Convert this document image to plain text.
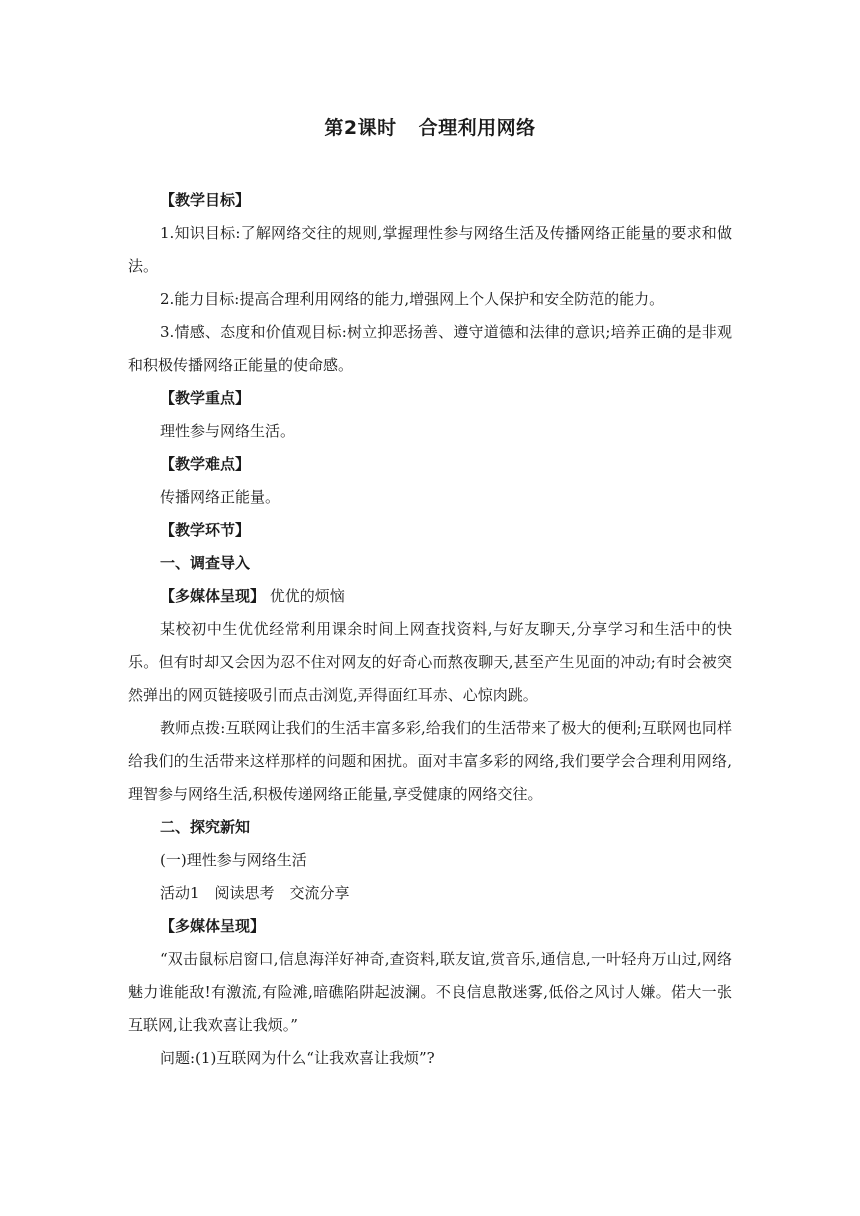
第2课时 合理利用网络

【教学目标】

1.知识目标:了解网络交往的规则,掌握理性参与网络生活及传播网络正能量的要求和做法。

2.能力目标:提高合理利用网络的能力,增强网上个人保护和安全防范的能力。

3.情感、态度和价值观目标:树立抑恶扬善、遵守道德和法律的意识;培养正确的是非观和积极传播网络正能量的使命感。

【教学重点】

理性参与网络生活。

【教学难点】

传播网络正能量。

【教学环节】

一、调查导入

【多媒体呈现】 优优的烦恼

某校初中生优优经常利用课余时间上网查找资料,与好友聊天,分享学习和生活中的快乐。但有时却又会因为忍不住对网友的好奇心而熬夜聊天,甚至产生见面的冲动;有时会被突然弹出的网页链接吸引而点击浏览,弄得面红耳赤、心惊肉跳。

教师点拨:互联网让我们的生活丰富多彩,给我们的生活带来了极大的便利;互联网也同样给我们的生活带来这样那样的问题和困扰。面对丰富多彩的网络,我们要学会合理利用网络,理智参与网络生活,积极传递网络正能量,享受健康的网络交往。

二、探究新知

(一)理性参与网络生活

活动1　阅读思考　交流分享

【多媒体呈现】

“双击鼠标启窗口,信息海洋好神奇,查资料,联友谊,赏音乐,通信息,一叶轻舟万山过,网络魅力谁能敌!有激流,有险滩,暗礁陷阱起波澜。不良信息散迷雾,低俗之风讨人嫌。偌大一张互联网,让我欢喜让我烦。”

问题:(1)互联网为什么“让我欢喜让我烦”?
